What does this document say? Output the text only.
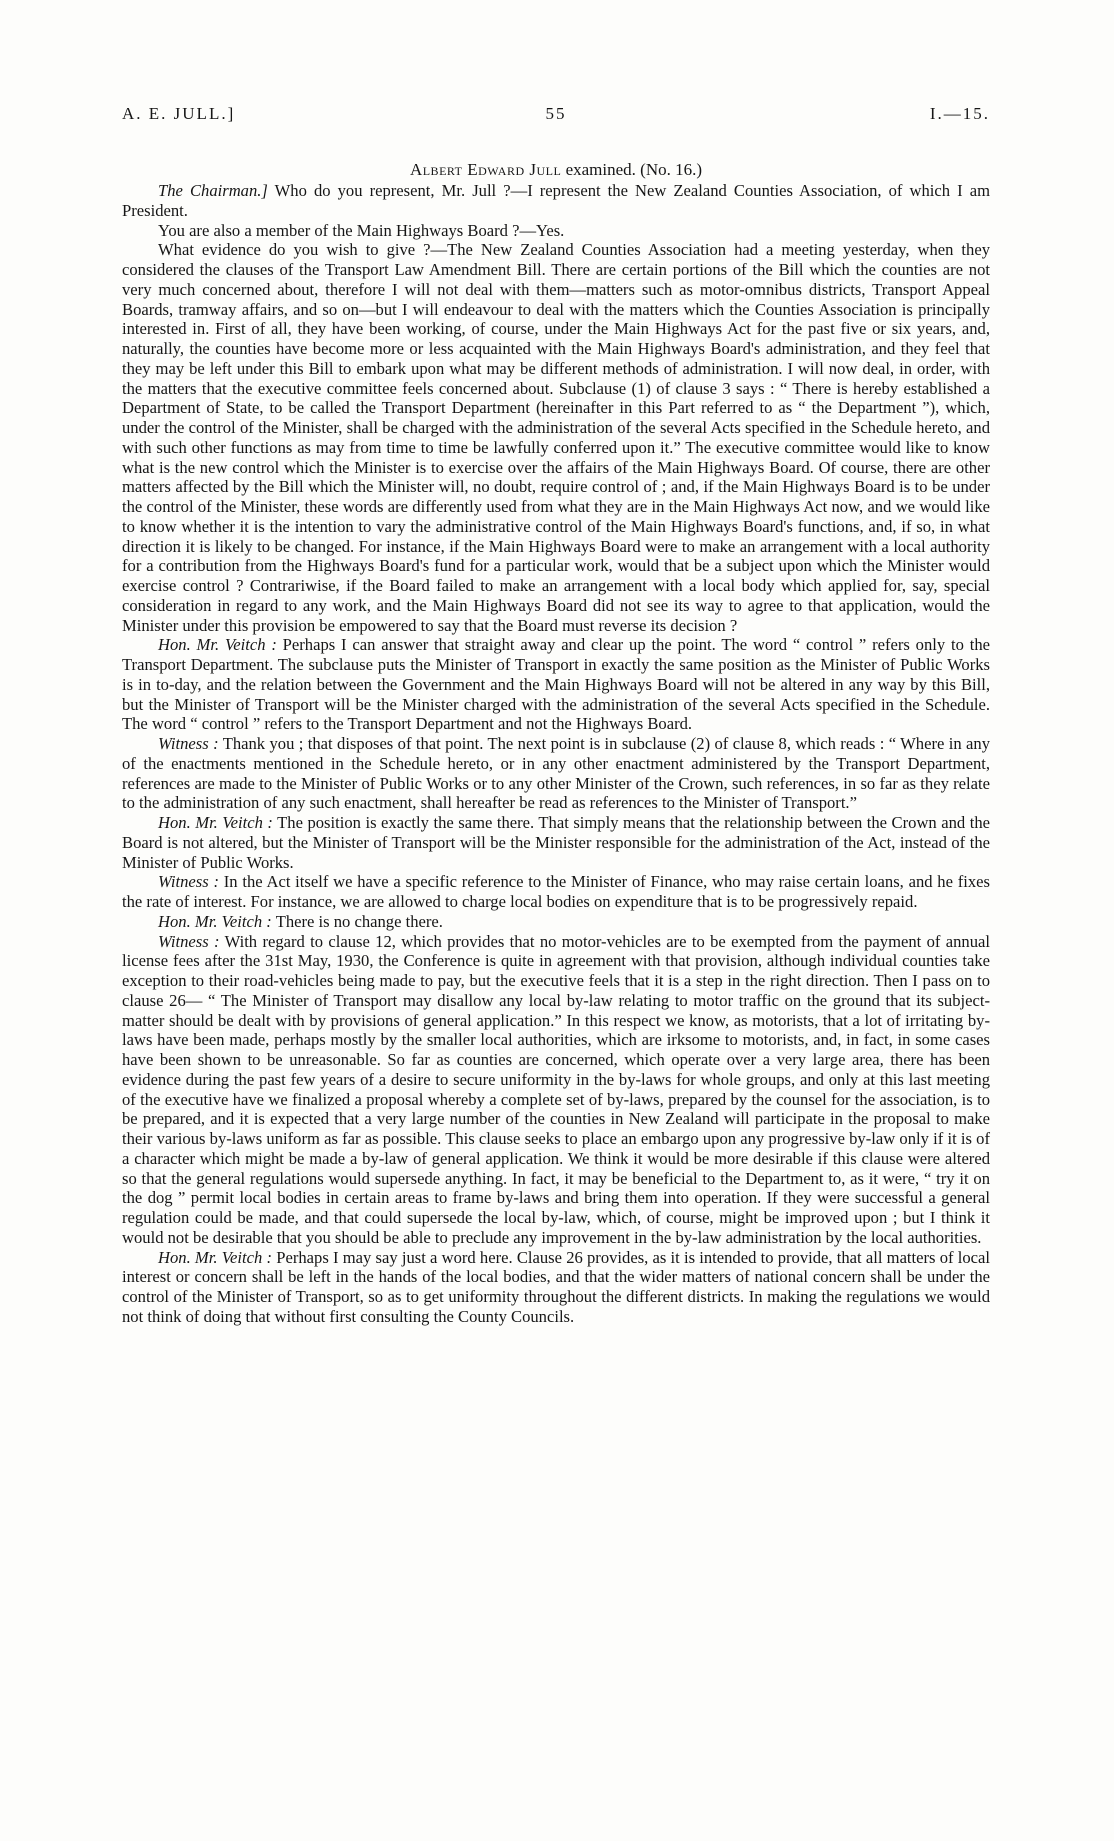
A. E. JULL.]	55	I.—15.
Albert Edward Jull examined. (No. 16.)

The Chairman.] Who do you represent, Mr. Jull ?—I represent the New Zealand Counties Association, of which I am President.

You are also a member of the Main Highways Board ?—Yes.

What evidence do you wish to give ?—The New Zealand Counties Association had a meeting yesterday, when they considered the clauses of the Transport Law Amendment Bill. There are certain portions of the Bill which the counties are not very much concerned about, therefore I will not deal with them—matters such as motor-omnibus districts, Transport Appeal Boards, tramway affairs, and so on—but I will endeavour to deal with the matters which the Counties Association is principally interested in. First of all, they have been working, of course, under the Main Highways Act for the past five or six years, and, naturally, the counties have become more or less acquainted with the Main Highways Board's administration, and they feel that they may be left under this Bill to embark upon what may be different methods of administration. I will now deal, in order, with the matters that the executive committee feels concerned about. Subclause (1) of clause 3 says : “ There is hereby established a Department of State, to be called the Transport Department (hereinafter in this Part referred to as “ the Department ”), which, under the control of the Minister, shall be charged with the administration of the several Acts specified in the Schedule hereto, and with such other functions as may from time to time be lawfully conferred upon it.” The executive committee would like to know what is the new control which the Minister is to exercise over the affairs of the Main Highways Board. Of course, there are other matters affected by the Bill which the Minister will, no doubt, require control of ; and, if the Main Highways Board is to be under the control of the Minister, these words are differently used from what they are in the Main Highways Act now, and we would like to know whether it is the intention to vary the administrative control of the Main Highways Board's functions, and, if so, in what direction it is likely to be changed. For instance, if the Main Highways Board were to make an arrangement with a local authority for a contribution from the Highways Board's fund for a particular work, would that be a subject upon which the Minister would exercise control ? Contrariwise, if the Board failed to make an arrangement with a local body which applied for, say, special consideration in regard to any work, and the Main Highways Board did not see its way to agree to that application, would the Minister under this provision be empowered to say that the Board must reverse its decision ?

Hon. Mr. Veitch : Perhaps I can answer that straight away and clear up the point. The word “ control ” refers only to the Transport Department. The subclause puts the Minister of Transport in exactly the same position as the Minister of Public Works is in to-day, and the relation between the Government and the Main Highways Board will not be altered in any way by this Bill, but the Minister of Transport will be the Minister charged with the administration of the several Acts specified in the Schedule. The word “ control ” refers to the Transport Department and not the Highways Board.

Witness : Thank you ; that disposes of that point. The next point is in subclause (2) of clause 8, which reads : “ Where in any of the enactments mentioned in the Schedule hereto, or in any other enactment administered by the Transport Department, references are made to the Minister of Public Works or to any other Minister of the Crown, such references, in so far as they relate to the administration of any such enactment, shall hereafter be read as references to the Minister of Transport.”

Hon. Mr. Veitch : The position is exactly the same there. That simply means that the relationship between the Crown and the Board is not altered, but the Minister of Transport will be the Minister responsible for the administration of the Act, instead of the Minister of Public Works.

Witness : In the Act itself we have a specific reference to the Minister of Finance, who may raise certain loans, and he fixes the rate of interest. For instance, we are allowed to charge local bodies on expenditure that is to be progressively repaid.

Hon. Mr. Veitch : There is no change there.

Witness : With regard to clause 12, which provides that no motor-vehicles are to be exempted from the payment of annual license fees after the 31st May, 1930, the Conference is quite in agreement with that provision, although individual counties take exception to their road-vehicles being made to pay, but the executive feels that it is a step in the right direction. Then I pass on to clause 26— “ The Minister of Transport may disallow any local by-law relating to motor traffic on the ground that its subject-matter should be dealt with by provisions of general application.” In this respect we know, as motorists, that a lot of irritating by-laws have been made, perhaps mostly by the smaller local authorities, which are irksome to motorists, and, in fact, in some cases have been shown to be unreasonable. So far as counties are concerned, which operate over a very large area, there has been evidence during the past few years of a desire to secure uniformity in the by-laws for whole groups, and only at this last meeting of the executive have we finalized a proposal whereby a complete set of by-laws, prepared by the counsel for the association, is to be prepared, and it is expected that a very large number of the counties in New Zealand will participate in the proposal to make their various by-laws uniform as far as possible. This clause seeks to place an embargo upon any progressive by-law only if it is of a character which might be made a by-law of general application. We think it would be more desirable if this clause were altered so that the general regulations would supersede anything. In fact, it may be beneficial to the Department to, as it were, “ try it on the dog ” permit local bodies in certain areas to frame by-laws and bring them into operation. If they were successful a general regulation could be made, and that could supersede the local by-law, which, of course, might be improved upon ; but I think it would not be desirable that you should be able to preclude any improvement in the by-law administration by the local authorities.

Hon. Mr. Veitch : Perhaps I may say just a word here. Clause 26 provides, as it is intended to provide, that all matters of local interest or concern shall be left in the hands of the local bodies, and that the wider matters of national concern shall be under the control of the Minister of Transport, so as to get uniformity throughout the different districts. In making the regulations we would not think of doing that without first consulting the County Councils.
